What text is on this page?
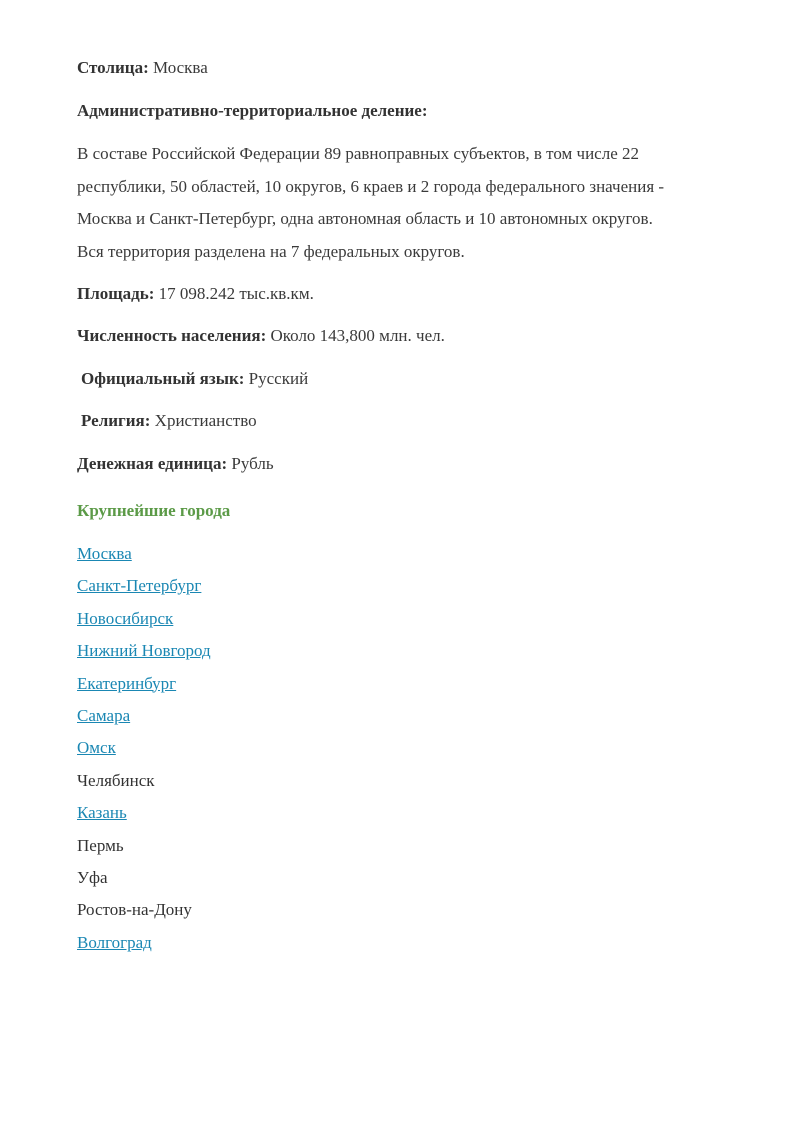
Столица: Москва
Административно-территориальное деление:
В составе Российской Федерации 89 равноправных субъектов, в том числе 22
республики, 50 областей, 10 округов, 6 краев и 2 города федерального значения -
Москва и Санкт-Петербург, одна автономная область и 10 автономных округов.
Вся территория разделена на 7 федеральных округов.
Площадь: 17 098.242 тыс.кв.км.
Численность населения: Около 143,800 млн. чел.
Официальный язык: Русский
Религия: Христианство
Денежная единица: Рубль
Крупнейшие города
Москва
Санкт-Петербург
Новосибирск
Нижний Новгород
Екатеринбург
Самара
Омск
Челябинск
Казань
Пермь
Уфа
Ростов-на-Дону
Волгоград
